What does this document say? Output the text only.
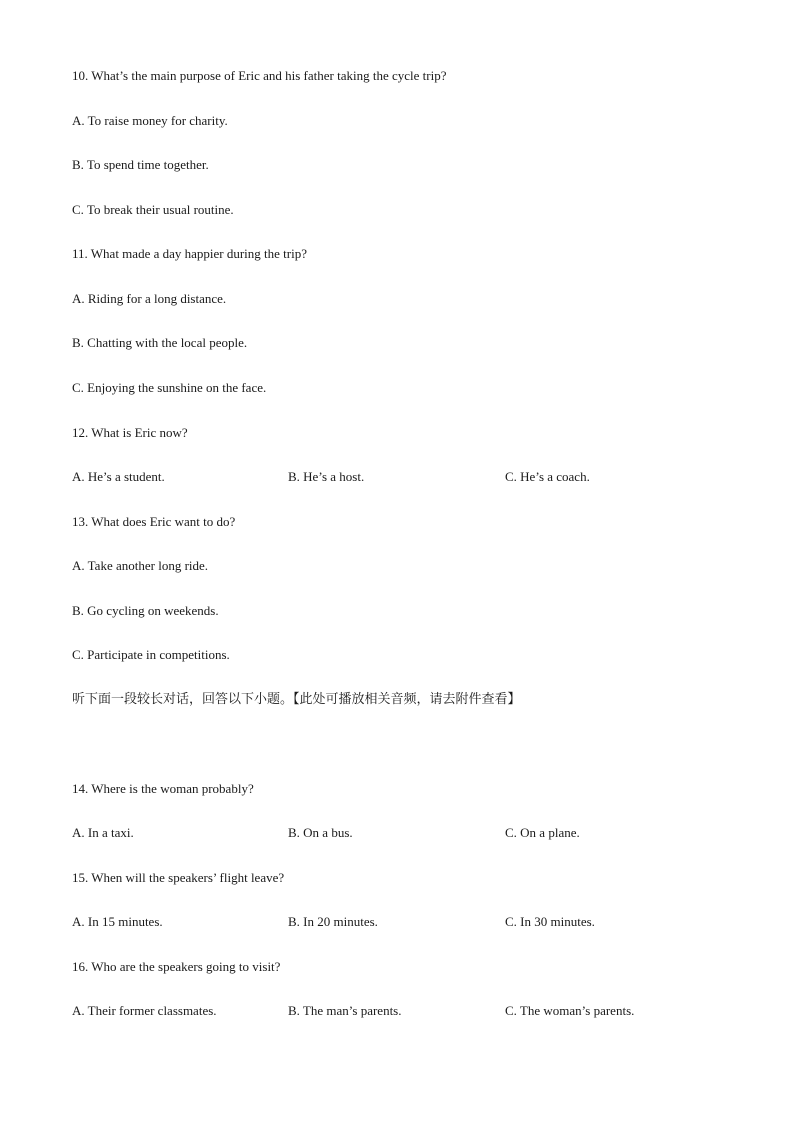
10. What’s the main purpose of Eric and his father taking the cycle trip?
A. To raise money for charity.
B. To spend time together.
C. To break their usual routine.
11. What made a day happier during the trip?
A. Riding for a long distance.
B. Chatting with the local people.
C. Enjoying the sunshine on the face.
12. What is Eric now?
A. He’s a student.	B. He’s a host.	C. He’s a coach.
13. What does Eric want to do?
A. Take another long ride.
B. Go cycling on weekends.
C. Participate in competitions.
听下面一段较长对话，回答以下小题。【此处可播放相关音频，请去附件查看】
14. Where is the woman probably?
A. In a taxi.	B. On a bus.	C. On a plane.
15. When will the speakers’ flight leave?
A. In 15 minutes.	B. In 20 minutes.	C. In 30 minutes.
16. Who are the speakers going to visit?
A. Their former classmates.	B. The man’s parents.	C. The woman’s parents.
